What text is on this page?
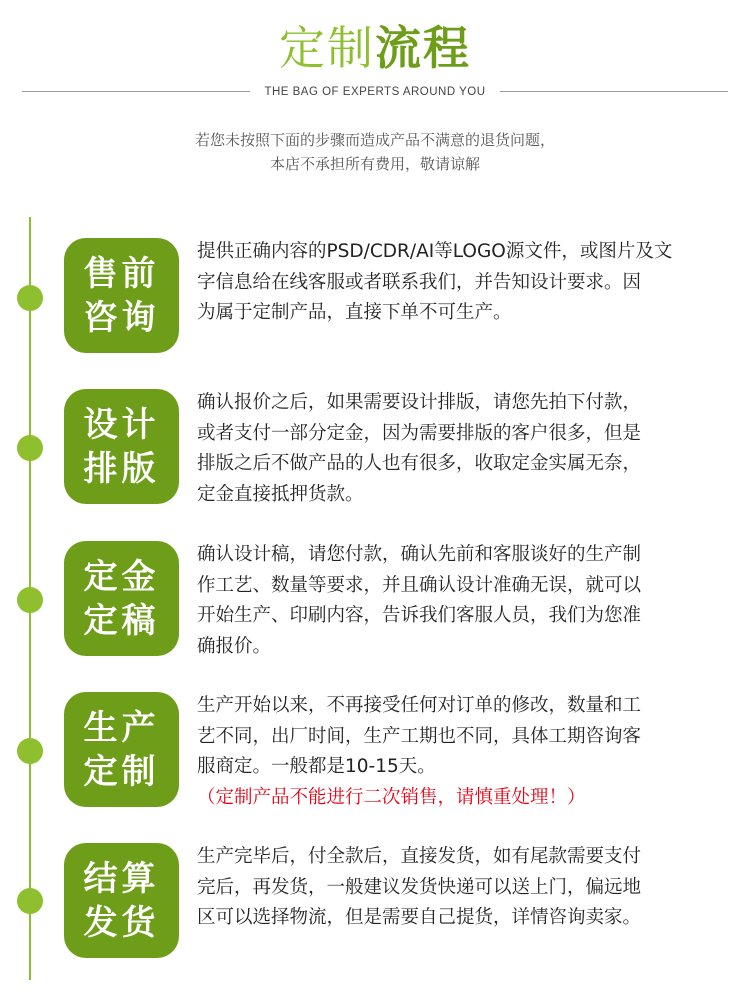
定制流程
THE BAG OF EXPERTS AROUND YOU
若您未按照下面的步骤而造成产品不满意的退货问题，
本店不承担所有费用，敬请谅解
售前
咨询
提供正确内容的PSD/CDR/AI等LOGO源文件，或图片及文
字信息给在线客服或者联系我们，并告知设计要求。因
为属于定制产品，直接下单不可生产。
设计
排版
确认报价之后，如果需要设计排版，请您先拍下付款，
或者支付一部分定金，因为需要排版的客户很多，但是
排版之后不做产品的人也有很多，收取定金实属无奈，
定金直接抵押货款。
定金
定稿
确认设计稿，请您付款，确认先前和客服谈好的生产制
作工艺、数量等要求，并且确认设计准确无误，就可以
开始生产、印刷内容，告诉我们客服人员，我们为您准
确报价。
生产
定制
生产开始以来，不再接受任何对订单的修改，数量和工
艺不同，出厂时间，生产工期也不同，具体工期咨询客
服商定。一般都是10-15天。
（定制产品不能进行二次销售，请慎重处理！）
结算
发货
生产完毕后，付全款后，直接发货，如有尾款需要支付
完后，再发货，一般建议发货快递可以送上门，偏远地
区可以选择物流，但是需要自己提货，详情咨询卖家。
